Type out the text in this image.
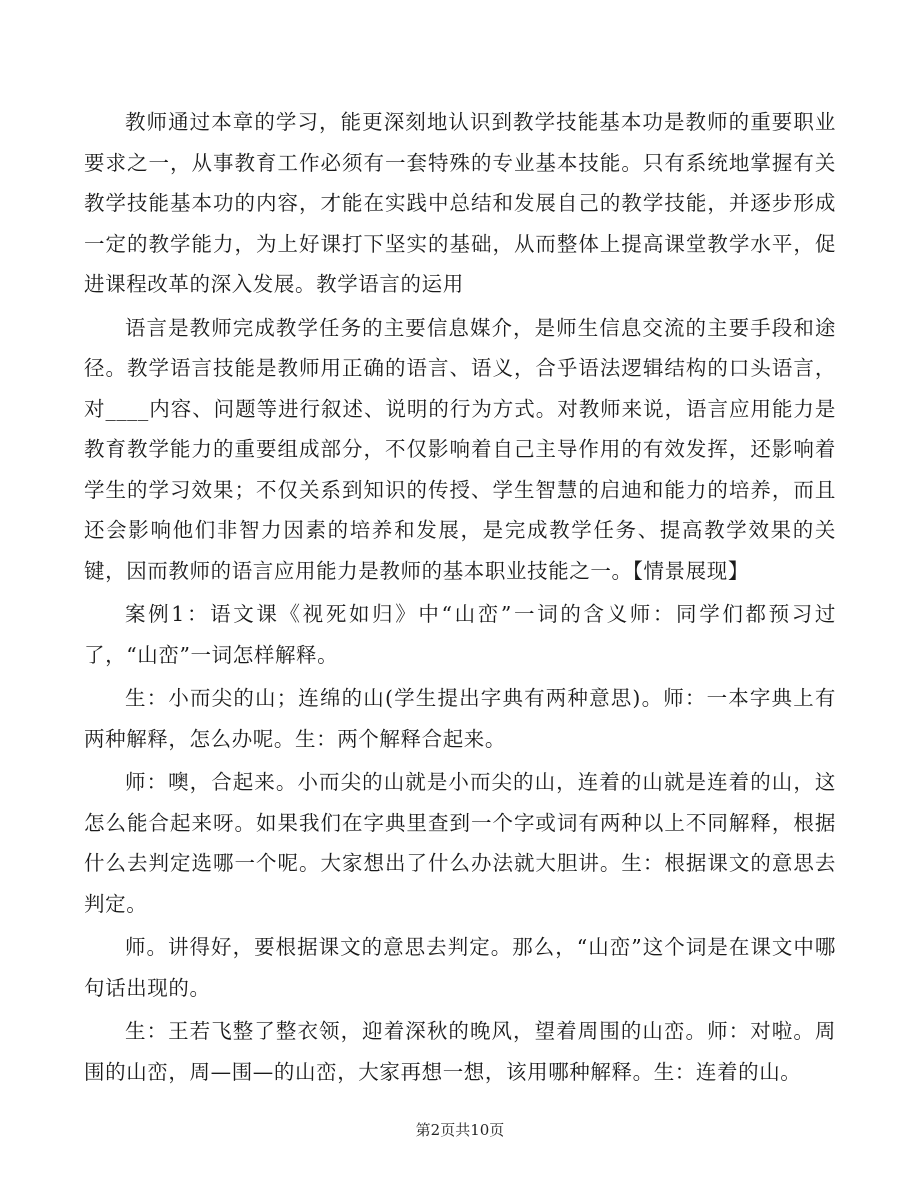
教师通过本章的学习，能更深刻地认识到教学技能基本功是教师的重要职业要求之一，从事教育工作必须有一套特殊的专业基本技能。只有系统地掌握有关教学技能基本功的内容，才能在实践中总结和发展自己的教学技能，并逐步形成一定的教学能力，为上好课打下坚实的基础，从而整体上提高课堂教学水平，促进课程改革的深入发展。教学语言的运用

语言是教师完成教学任务的主要信息媒介，是师生信息交流的主要手段和途径。教学语言技能是教师用正确的语言、语义，合乎语法逻辑结构的口头语言，对____内容、问题等进行叙述、说明的行为方式。对教师来说，语言应用能力是教育教学能力的重要组成部分，不仅影响着自己主导作用的有效发挥，还影响着学生的学习效果；不仅关系到知识的传授、学生智慧的启迪和能力的培养，而且还会影响他们非智力因素的培养和发展，是完成教学任务、提高教学效果的关键，因而教师的语言应用能力是教师的基本职业技能之一。【情景展现】

案例1：语文课《视死如归》中“山峦”一词的含义师：同学们都预习过了，“山峦”一词怎样解释。

生：小而尖的山；连绵的山(学生提出字典有两种意思)。师：一本字典上有两种解释，怎么办呢。生：两个解释合起来。

师：噢，合起来。小而尖的山就是小而尖的山，连着的山就是连着的山，这怎么能合起来呀。如果我们在字典里查到一个字或词有两种以上不同解释，根据什么去判定选哪一个呢。大家想出了什么办法就大胆讲。生：根据课文的意思去判定。

师。讲得好，要根据课文的意思去判定。那么，“山峦”这个词是在课文中哪句话出现的。

生：王若飞整了整衣领，迎着深秋的晚风，望着周围的山峦。师：对啦。周围的山峦，周—围—的山峦，大家再想一想，该用哪种解释。生：连着的山。

第2页共10页
